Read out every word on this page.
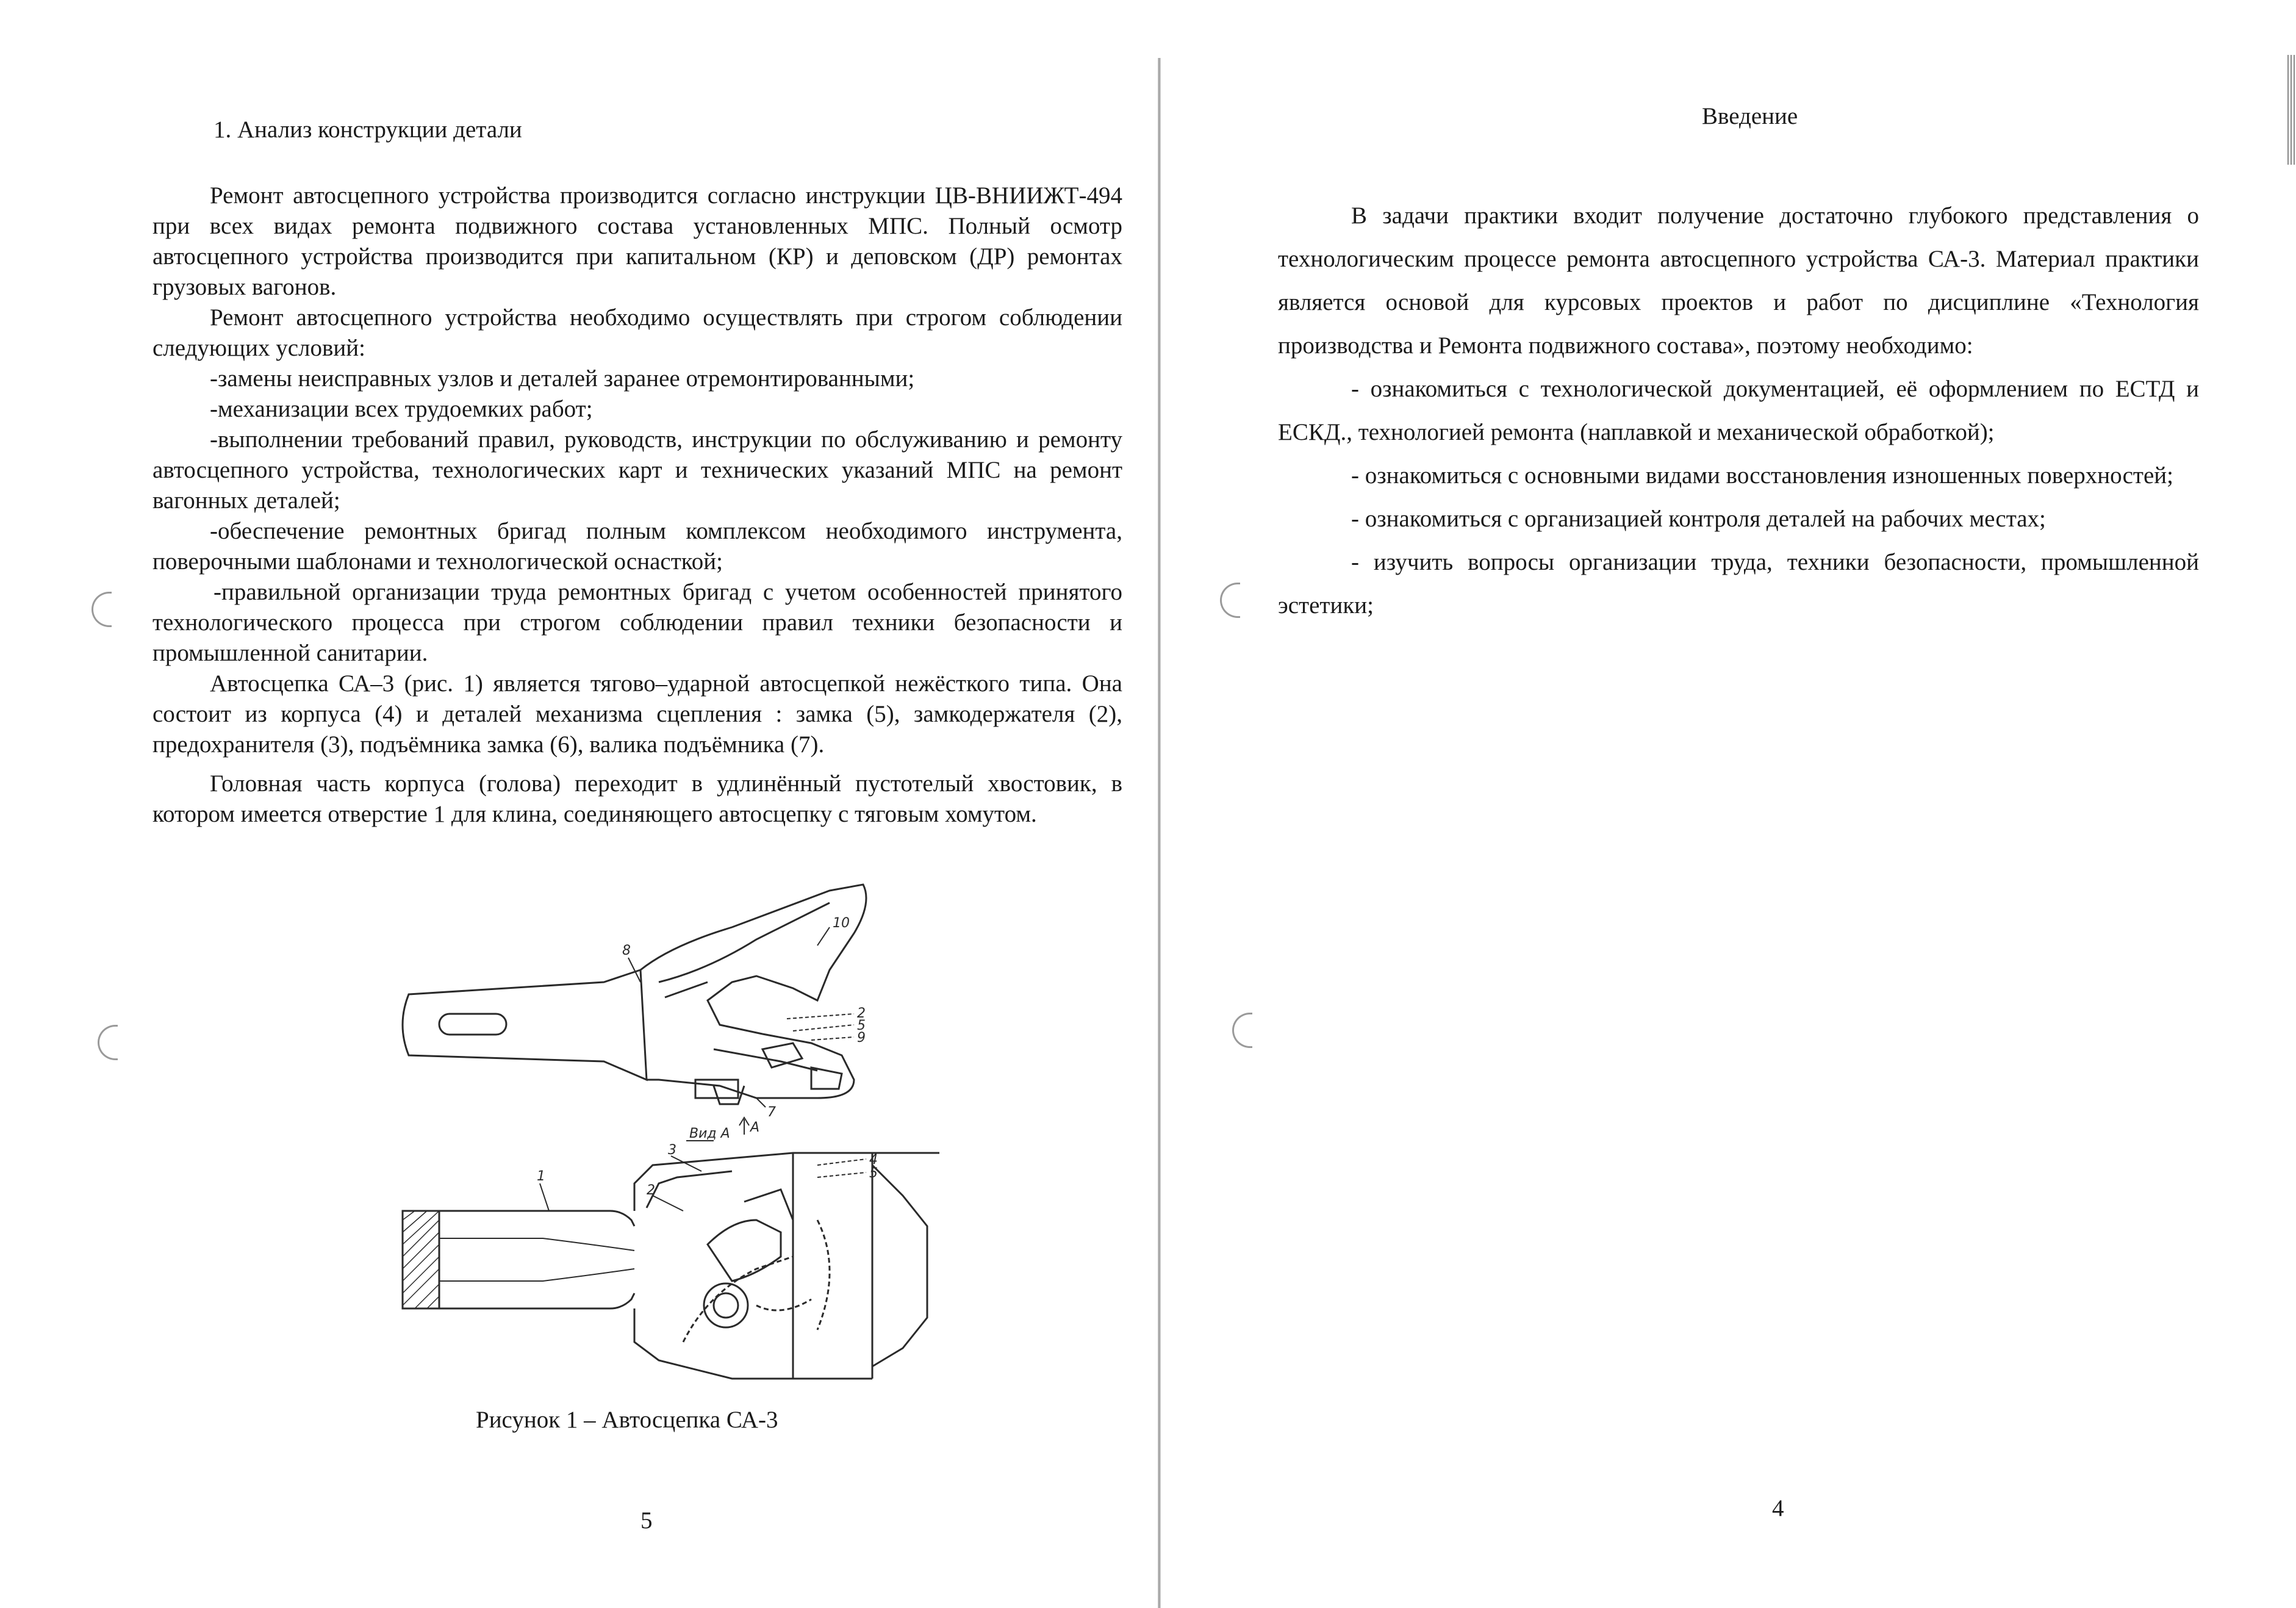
1. Анализ конструкции детали

Ремонт автосцепного устройства производится согласно инструкции ЦВ-ВНИИЖТ-494 при всех видах ремонта подвижного состава установленных МПС. Полный осмотр автосцепного устройства производится при капитальном (КР) и деповском (ДР) ремонтах грузовых вагонов.

Ремонт автосцепного устройства необходимо осуществлять при строгом соблюдении следующих условий:

-замены неисправных узлов и деталей заранее отремонтированными;

-механизации всех трудоемких работ;

-выполнении требований правил, руководств, инструкции по обслуживанию и ремонту автосцепного устройства, технологических карт и технических указаний МПС на ремонт вагонных деталей;

-обеспечение ремонтных бригад полным комплексом необходимого инструмента, поверочными шаблонами и технологической оснасткой;

-правильной организации труда ремонтных бригад с учетом особенностей принятого технологического процесса при строгом соблюдении правил техники безопасности и промышленной санитарии.

Автосцепка СА–3 (рис. 1) является тягово–ударной автосцепкой нежёсткого типа. Она состоит из корпуса (4) и деталей механизма сцепления : замка (5), замкодержателя (2), предохранителя (3), подъёмника замка (6), валика подъёмника (7).

Головная часть корпуса (голова) переходит в удлинённый пустотелый хвостовик, в котором имеется отверстие 1 для клина, соединяющего автосцепку с тяговым хомутом.

8
10
2
5
9
7
Вид А А
3
2
1
4
5
Рисунок 1 – Автосцепка СА-3
5
Введение

В задачи практики входит получение достаточно глубокого представления о технологическим процессе ремонта автосцепного устройства СА-3. Материал практики является основой для курсовых проектов и работ по дисциплине «Технология производства и Ремонта подвижного состава», поэтому необходимо:

- ознакомиться с технологической документацией, её оформлением по ЕСТД и ЕСКД., технологией ремонта (наплавкой и механической обработкой);

- ознакомиться с основными видами восстановления изношенных поверхностей;

- ознакомиться с организацией контроля деталей на рабочих местах;

- изучить вопросы организации труда, техники безопасности, промышленной эстетики;

4
